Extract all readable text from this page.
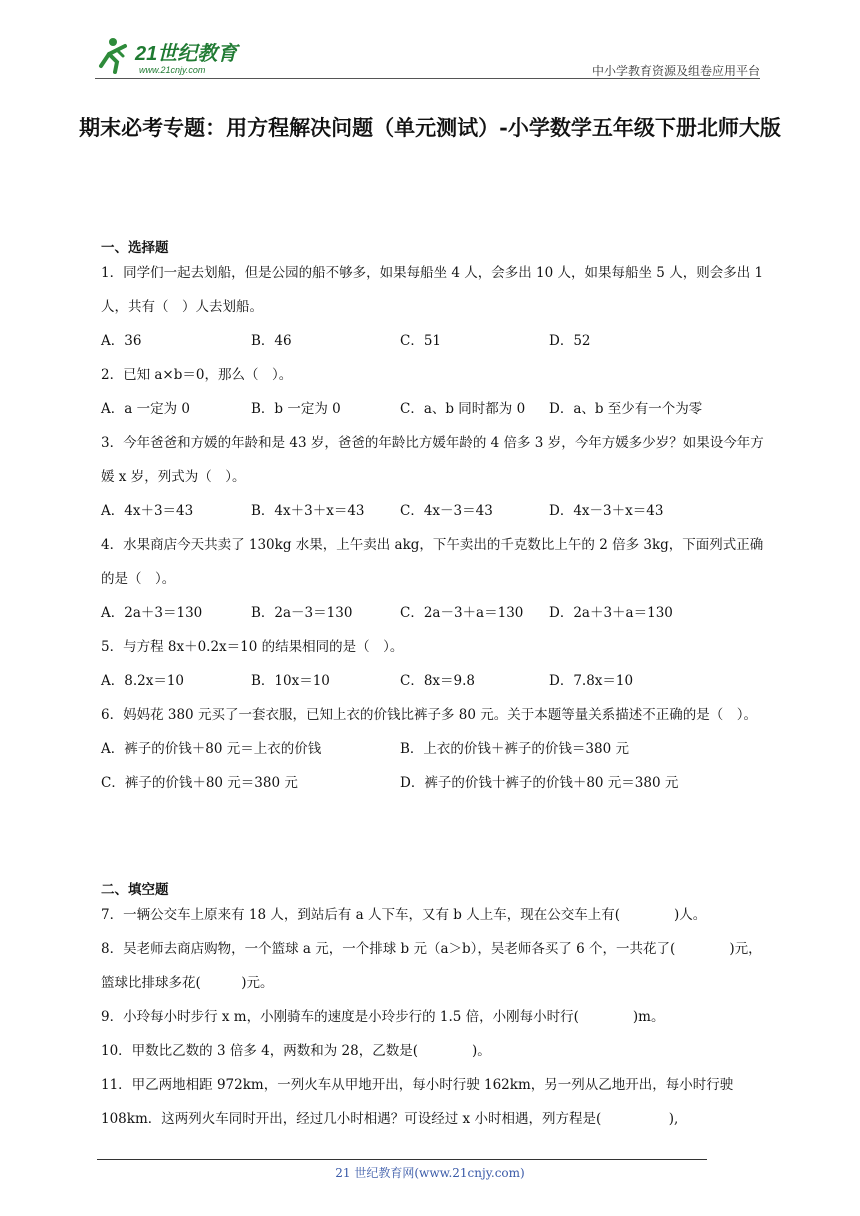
21世纪教育
www.21cnjy.com	中小学教育资源及组卷应用平台
期末必考专题：用方程解决问题（单元测试）-小学数学五年级下册北师大版
一、选择题

1．同学们一起去划船，但是公园的船不够多，如果每船坐 4 人，会多出 10 人，如果每船坐 5 人，则会多出 1 人，共有（　）人去划船。

A．36	B．46	C．51	D．52

2．已知 a×b＝0，那么（　）。

A．a 一定为 0	B．b 一定为 0	C．a、b 同时都为 0 D．a、b 至少有一个为零

3．今年爸爸和方媛的年龄和是 43 岁，爸爸的年龄比方媛年龄的 4 倍多 3 岁，今年方媛多少岁？如果设今年方媛 x 岁，列式为（　）。

A．4x＋3＝43	B．4x＋3＋x＝43	C．4x－3＝43	D．4x－3＋x＝43

4．水果商店今天共卖了 130kg 水果，上午卖出 akg，下午卖出的千克数比上午的 2 倍多 3kg，下面列式正确的是（　）。

A．2a＋3＝130	B．2a－3＝130	C．2a－3＋a＝130 D．2a＋3＋a＝130

5．与方程 8x＋0.2x＝10 的结果相同的是（　）。

A．8.2x＝10	B．10x＝10	C．8x＝9.8	D．7.8x＝10

6．妈妈花 380 元买了一套衣服，已知上衣的价钱比裤子多 80 元。关于本题等量关系描述不正确的是（　）。

A．裤子的价钱＋80 元＝上衣的价钱	B．上衣的价钱＋裤子的价钱＝380 元
C．裤子的价钱＋80 元＝380 元	D．裤子的价钱十裤子的价钱＋80 元＝380 元
二、填空题

7．一辆公交车上原来有 18 人，到站后有 a 人下车，又有 b 人上车，现在公交车上有(　　　　)人。

8．吴老师去商店购物，一个篮球 a 元，一个排球 b 元（a＞b），吴老师各买了 6 个，一共花了(　　　　)元，篮球比排球多花(　　　)元。

9．小玲每小时步行 x m，小刚骑车的速度是小玲步行的 1.5 倍，小刚每小时行(　　　　)m。

10．甲数比乙数的 3 倍多 4，两数和为 28，乙数是(　　　　)。

11．甲乙两地相距 972km，一列火车从甲地开出，每小时行驶 162km，另一列从乙地开出，每小时行驶 108km．这两列火车同时开出，经过几小时相遇？可设经过 x 小时相遇，列方程是(　　　　　),

21 世纪教育网(www.21cnjy.com)
